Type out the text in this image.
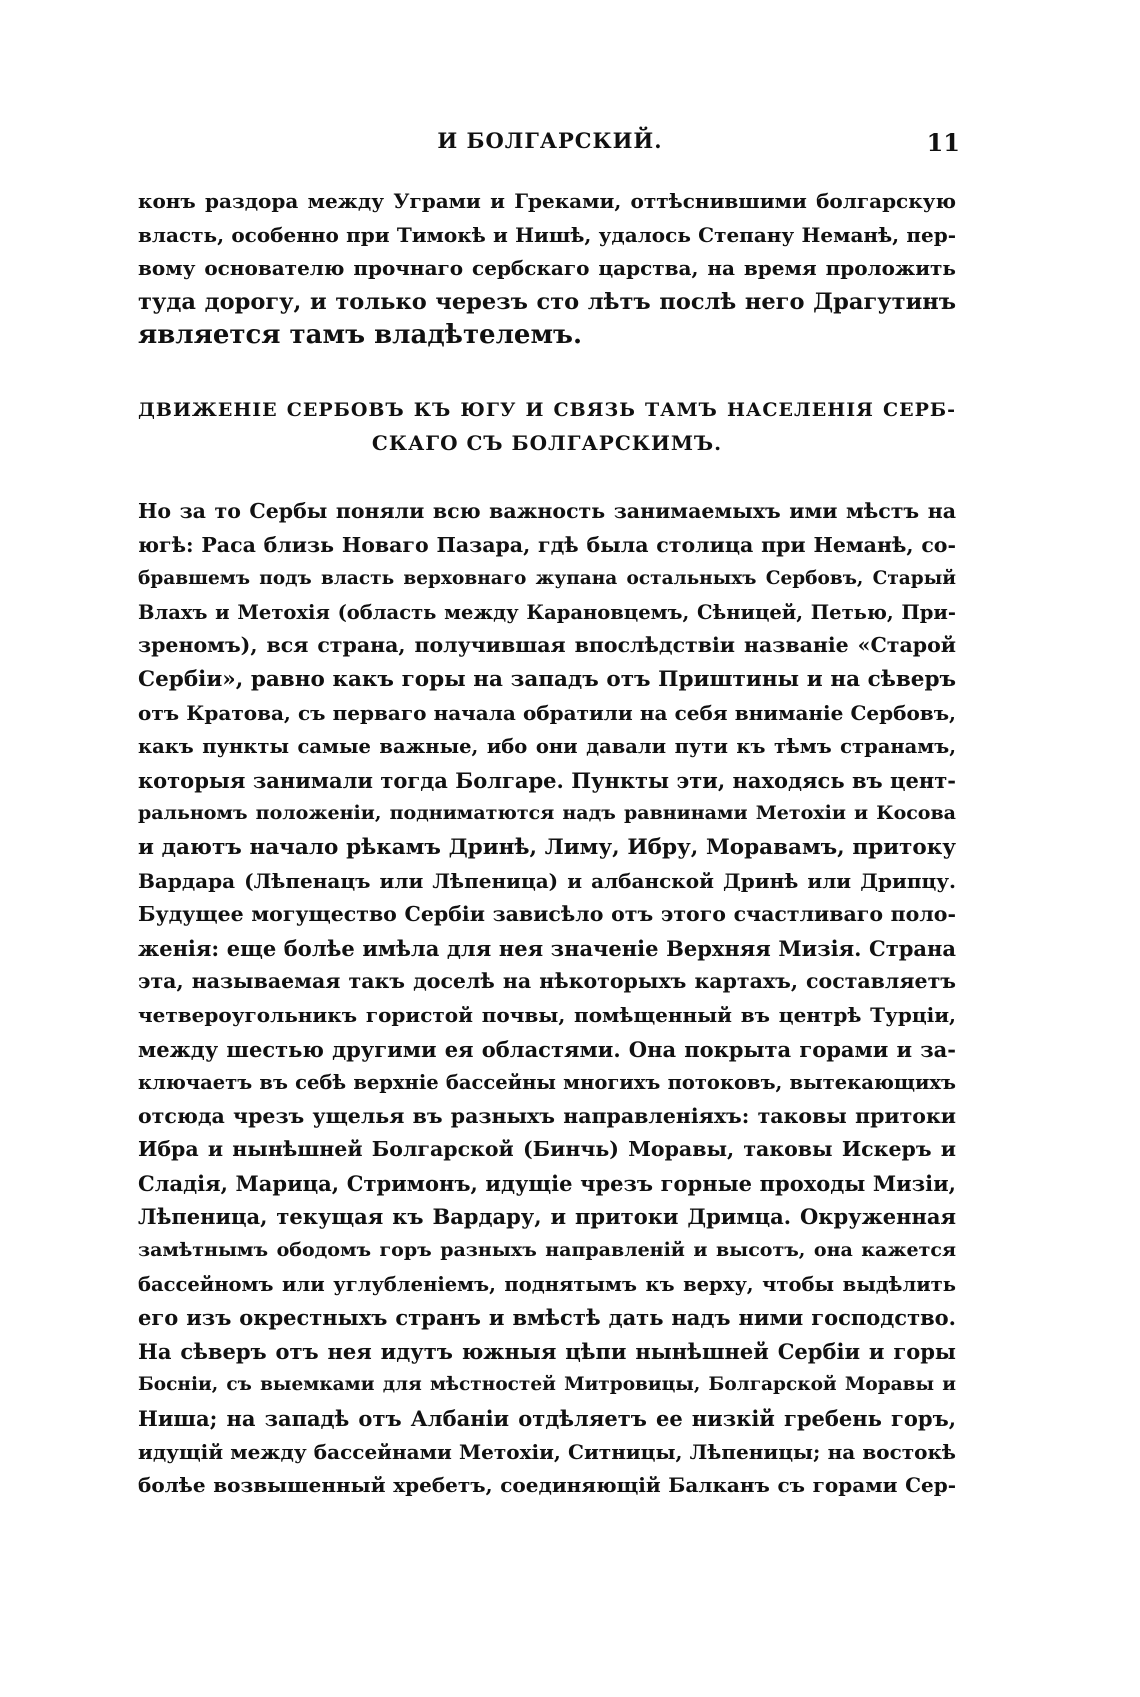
И БОЛГАРСКИЙ.	11
конъ раздора между Уграми и Греками, оттѣснившими болгарскую
власть, особенно при Тимокѣ и Нишѣ, удалось Степану Неманѣ, пер-
вому основателю прочнаго сербскаго царства, на время проложить
туда дорогу, и только черезъ сто лѣтъ послѣ него Драгутинъ
является тамъ владѣтелемъ.
ДВИЖЕНІЕ СЕРБОВЪ КЪ ЮГУ И СВЯЗЬ ТАМЪ НАСЕЛЕНІЯ СЕРБ-
СКАГО СЪ БОЛГАРСКИМЪ.
Но за то Сербы поняли всю важность занимаемыхъ ими мѣстъ на
югѣ: Раса близь Новаго Пазара, гдѣ была столица при Неманѣ, со-
бравшемъ подъ власть верховнаго жупана остальныхъ Сербовъ, Старый
Влахъ и Метохія (область между Карановцемъ, Сѣницей, Петью, При-
зреномъ), вся страна, получившая впослѣдствіи названіе «Старой
Сербіи», равно какъ горы на западъ отъ Приштины и на сѣверъ
отъ Кратова, съ перваго начала обратили на себя вниманіе Сербовъ,
какъ пункты самые важные, ибо они давали пути къ тѣмъ странамъ,
которыя занимали тогда Болгаре. Пункты эти, находясь въ цент-
ральномъ положеніи, подниматются надъ равнинами Метохіи и Косова
и даютъ начало рѣкамъ Дринѣ, Лиму, Ибру, Моравамъ, притоку
Вардара (Лѣпенацъ или Лѣпеница) и албанской Дринѣ или Дрипцу.
Будущее могущество Сербіи зависѣло отъ этого счастливаго поло-
женія: еще болѣе имѣла для нея значеніе Верхняя Мизія. Страна
эта, называемая такъ доселѣ на нѣкоторыхъ картахъ, составляетъ
четвероугольникъ гористой почвы, помѣщенный въ центрѣ Турціи,
между шестью другими ея областями. Она покрыта горами и за-
ключаетъ въ себѣ верхніе бассейны многихъ потоковъ, вытекающихъ
отсюда чрезъ ущелья въ разныхъ направленіяхъ: таковы притоки
Ибра и нынѣшней Болгарской (Бинчь) Моравы, таковы Искеръ и
Сладія, Марица, Стримонъ, идущіе чрезъ горные проходы Мизіи,
Лѣпеница, текущая къ Вардару, и притоки Дримца. Окруженная
замѣтнымъ ободомъ горъ разныхъ направленій и высотъ, она кажется
бассейномъ или углубленіемъ, поднятымъ къ верху, чтобы выдѣлить
его изъ окрестныхъ странъ и вмѣстѣ дать надъ ними господство.
На сѣверъ отъ нея идутъ южныя цѣпи нынѣшней Сербіи и горы
Босніи, съ выемками для мѣстностей Митровицы, Болгарской Моравы и
Ниша; на западѣ отъ Албаніи отдѣляетъ ее низкій гребень горъ,
идущій между бассейнами Метохіи, Ситницы, Лѣпеницы; на востокѣ
болѣе возвышенный хребетъ, соединяющій Балканъ съ горами Сер-
